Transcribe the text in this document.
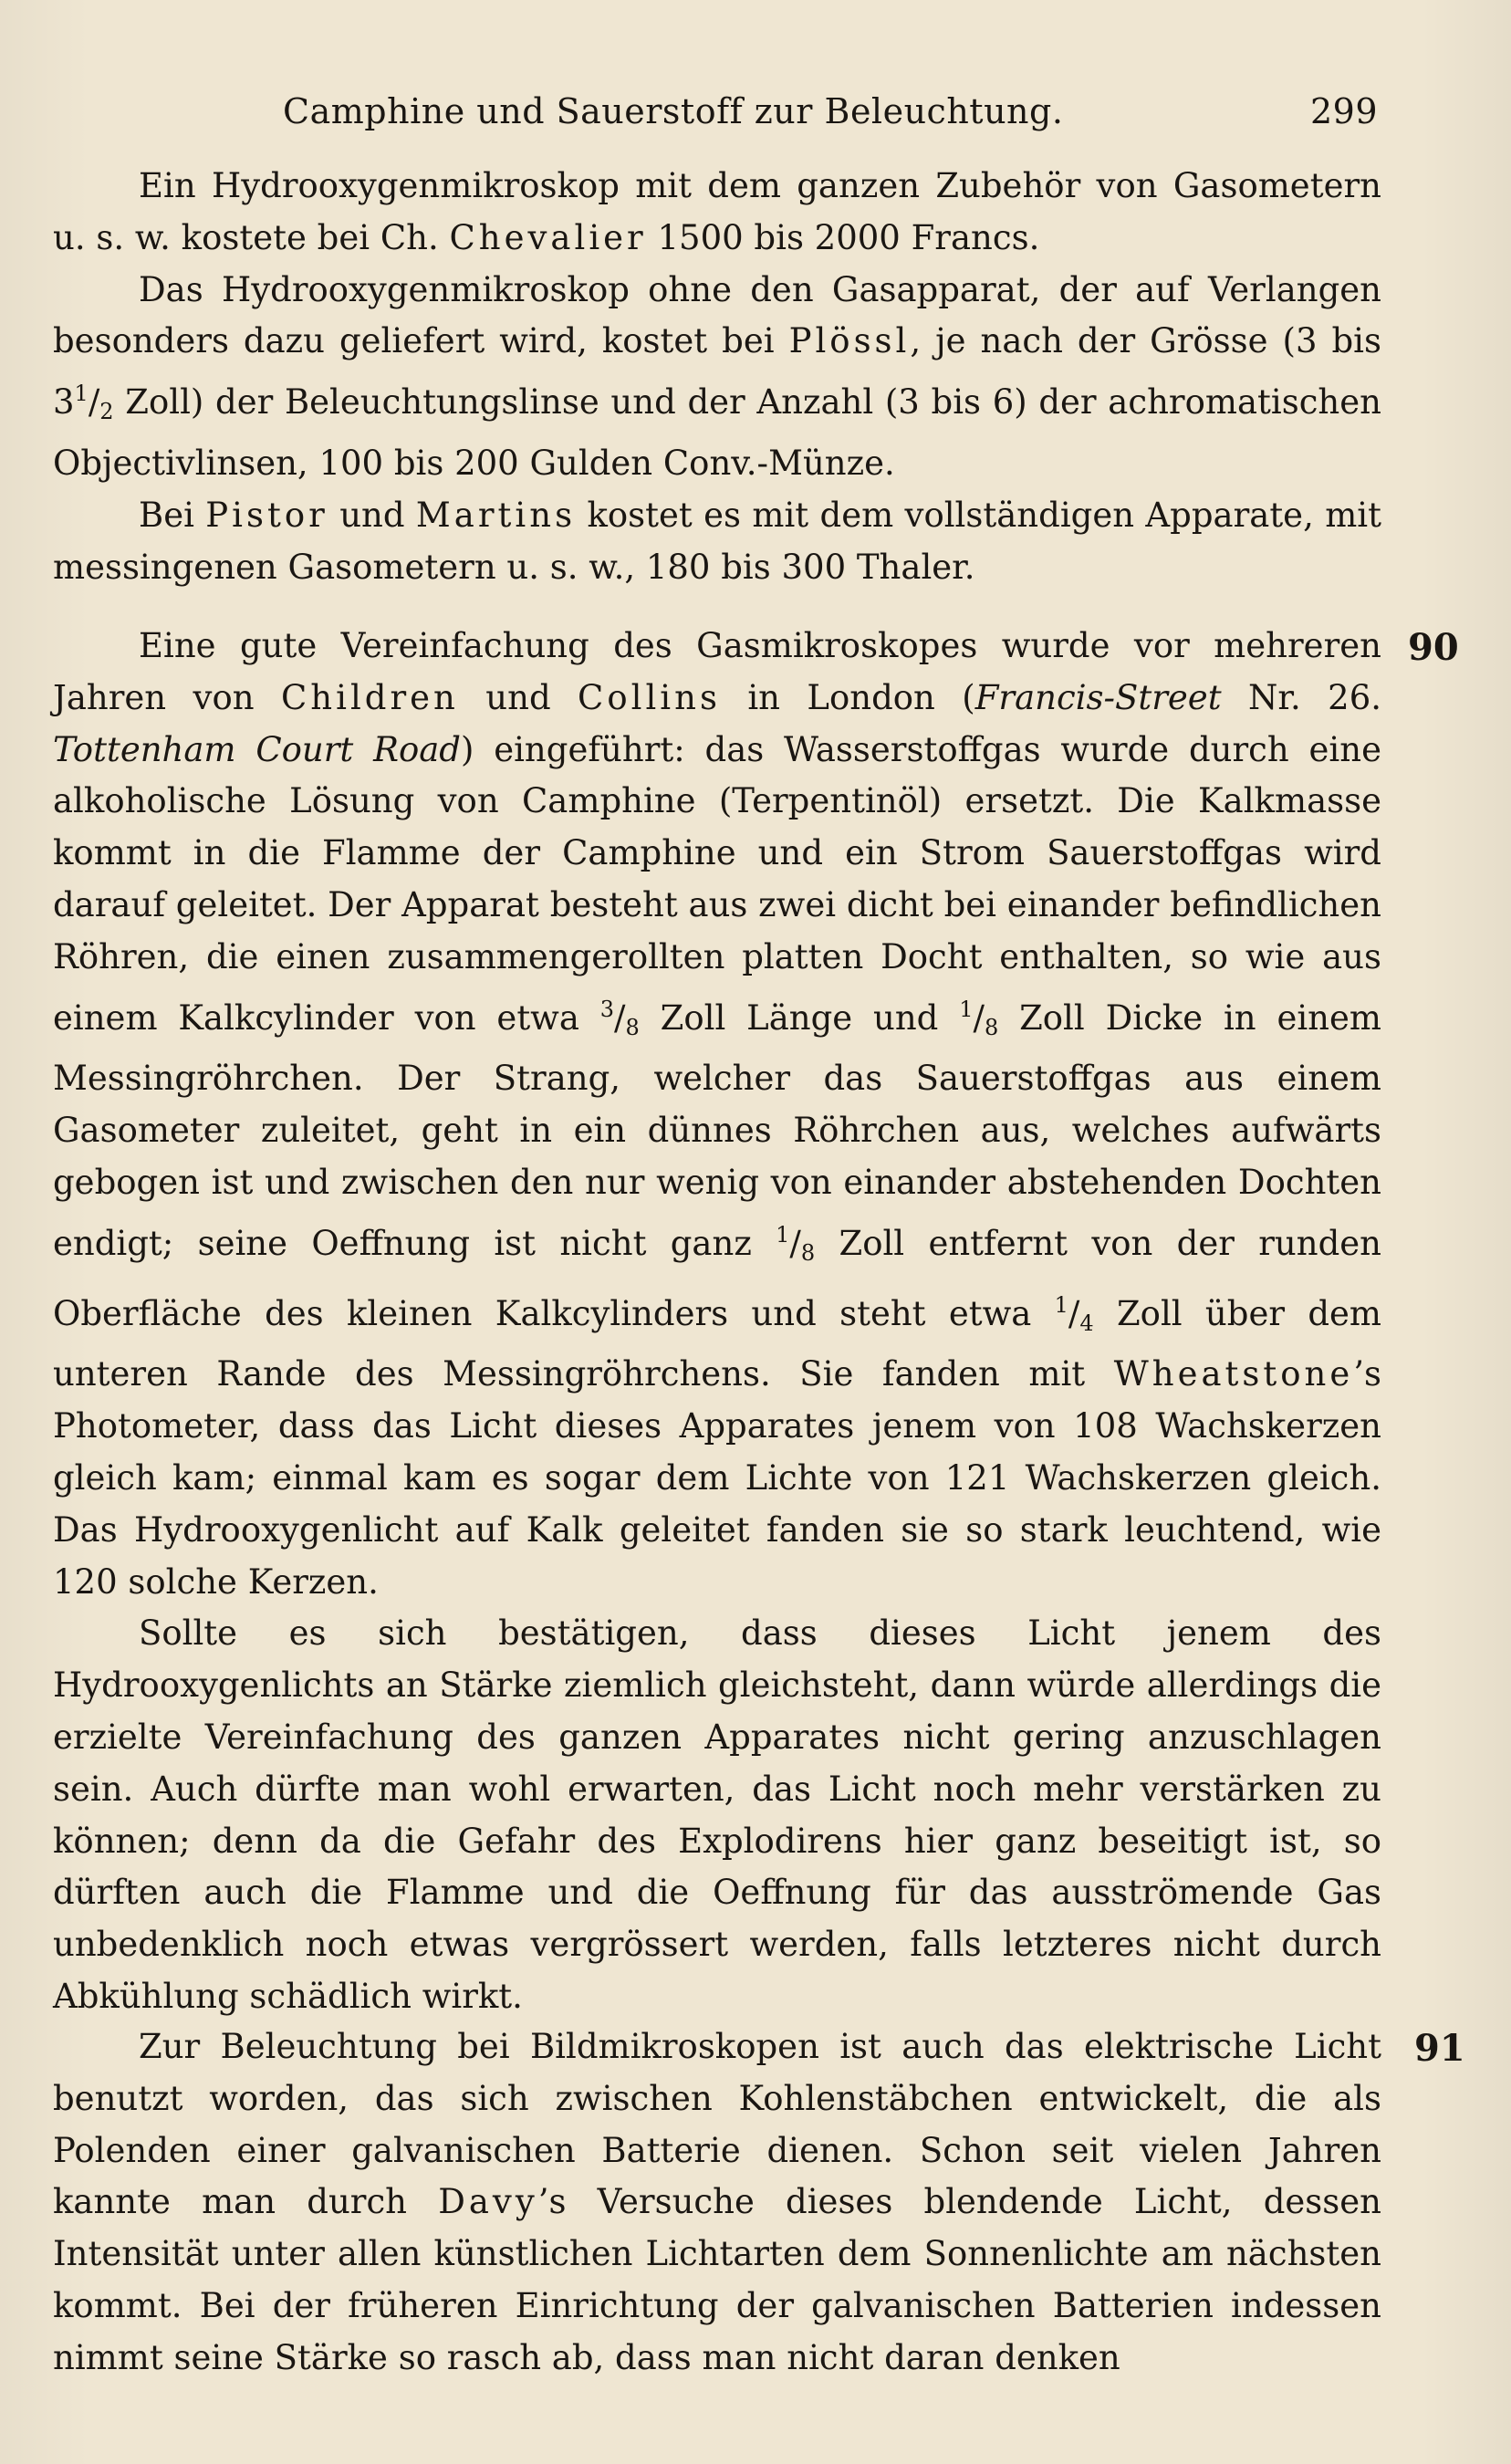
Camphine und Sauerstoff zur Beleuchtung.	299

Ein Hydrooxygenmikroskop mit dem ganzen Zubehör von Gasometern u. s. w. kostete bei Ch. Chevalier 1500 bis 2000 Francs.

Das Hydrooxygenmikroskop ohne den Gasapparat, der auf Verlangen besonders dazu geliefert wird, kostet bei Plössl, je nach der Grösse (3 bis $3^1/_2$ Zoll) der Beleuchtungslinse und der Anzahl (3 bis 6) der achromatischen Objectivlinsen, 100 bis 200 Gulden Conv.-Münze.

Bei Pistor und Martins kostet es mit dem vollständigen Apparate, mit messingenen Gasometern u. s. w., 180 bis 300 Thaler.

90

Eine gute Vereinfachung des Gasmikroskopes wurde vor mehreren Jahren von Children und Collins in London (Francis-Street Nr. 26. Tottenham Court Road) eingeführt: das Wasserstoffgas wurde durch eine alkoholische Lösung von Camphine (Terpentinöl) ersetzt. Die Kalkmasse kommt in die Flamme der Camphine und ein Strom Sauerstoffgas wird darauf geleitet. Der Apparat besteht aus zwei dicht bei einander befindlichen Röhren, die einen zusammengerollten platten Docht enthalten, so wie aus einem Kalkcylinder von etwa $^3/_8$ Zoll Länge und $^1/_8$ Zoll Dicke in einem Messingröhrchen. Der Strang, welcher das Sauerstoffgas aus einem Gasometer zuleitet, geht in ein dünnes Röhrchen aus, welches aufwärts gebogen ist und zwischen den nur wenig von einander abstehenden Dochten endigt; seine Oeffnung ist nicht ganz $^1/_8$ Zoll entfernt von der runden Oberfläche des kleinen Kalkcylinders und steht etwa $^1/_4$ Zoll über dem unteren Rande des Messingröhrchens. Sie fanden mit Wheatstone’s Photometer, dass das Licht dieses Apparates jenem von 108 Wachskerzen gleich kam; einmal kam es sogar dem Lichte von 121 Wachskerzen gleich. Das Hydrooxygenlicht auf Kalk geleitet fanden sie so stark leuchtend, wie 120 solche Kerzen.

Sollte es sich bestätigen, dass dieses Licht jenem des Hydrooxygenlichts an Stärke ziemlich gleichsteht, dann würde allerdings die erzielte Vereinfachung des ganzen Apparates nicht gering anzuschlagen sein. Auch dürfte man wohl erwarten, das Licht noch mehr verstärken zu können; denn da die Gefahr des Explodirens hier ganz beseitigt ist, so dürften auch die Flamme und die Oeffnung für das ausströmende Gas unbedenklich noch etwas vergrössert werden, falls letzteres nicht durch Abkühlung schädlich wirkt.

91

Zur Beleuchtung bei Bildmikroskopen ist auch das elektrische Licht benutzt worden, das sich zwischen Kohlenstäbchen entwickelt, die als Polenden einer galvanischen Batterie dienen. Schon seit vielen Jahren kannte man durch Davy’s Versuche dieses blendende Licht, dessen Intensität unter allen künstlichen Lichtarten dem Sonnenlichte am nächsten kommt. Bei der früheren Einrichtung der galvanischen Batterien indessen nimmt seine Stärke so rasch ab, dass man nicht daran denken
